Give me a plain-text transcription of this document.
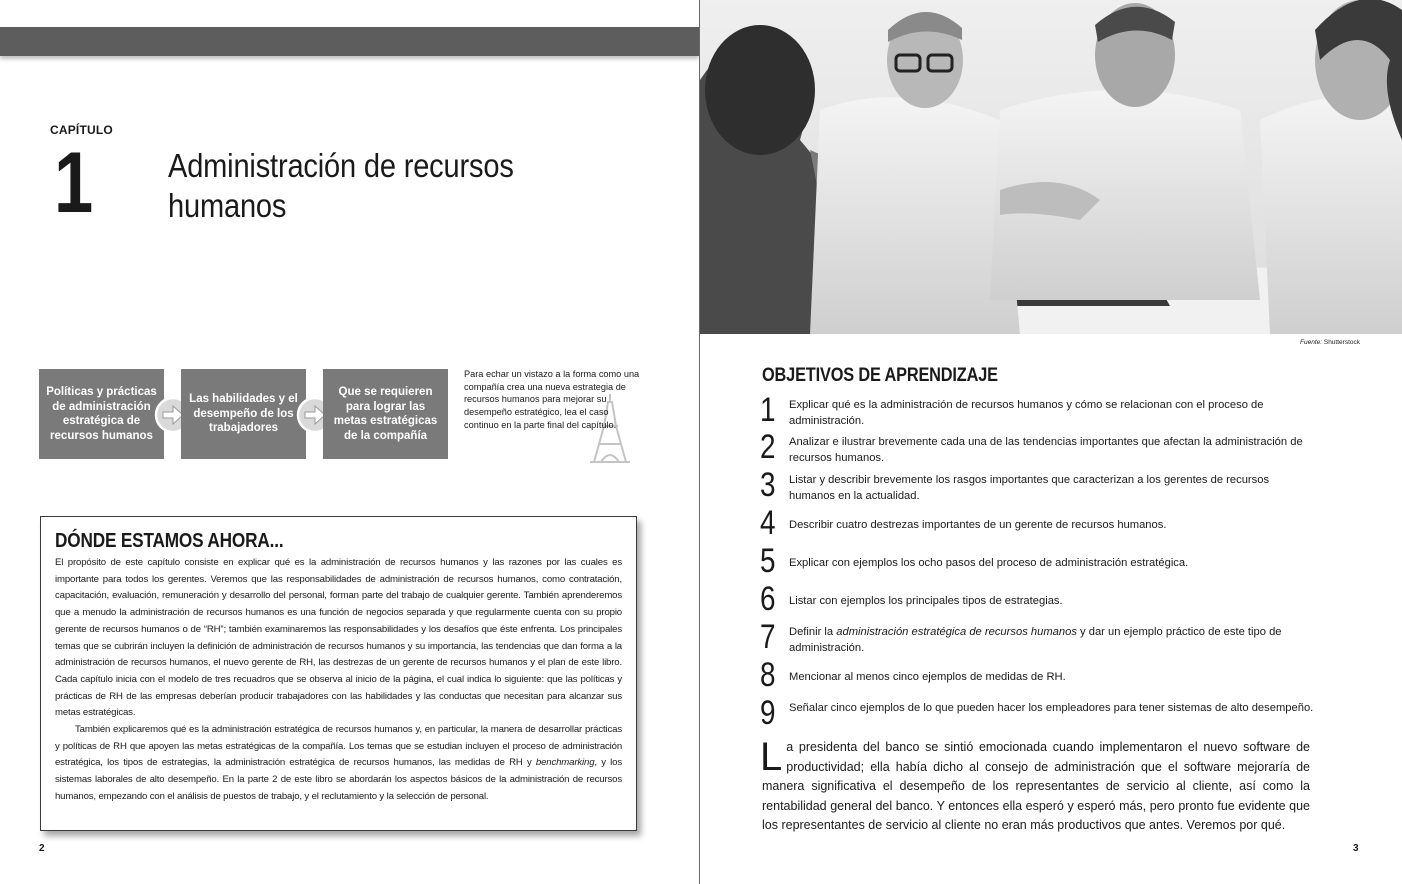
CAPÍTULO
1 Administración de recursos humanos
Políticas y prácticas de administración estratégica de recursos humanos
Las habilidades y el desempeño de los trabajadores
Que se requieren para lograr las metas estratégicas de la compañía

Para echar un vistazo a la forma como una compañía crea una nueva estrategia de recursos humanos para mejorar su desempeño estratégico, lea el caso continuo en la parte final del capítulo.

DÓNDE ESTAMOS AHORA...

El propósito de este capítulo consiste en explicar qué es la administración de recursos humanos y las razones por las cuales es importante para todos los gerentes. Veremos que las responsabilidades de administración de recursos humanos, como contratación, capacitación, evaluación, remuneración y desarrollo del personal, forman parte del trabajo de cualquier gerente. También aprenderemos que a menudo la administración de recursos humanos es una función de negocios separada y que regularmente cuenta con su propio gerente de recursos humanos o de “RH”; también examinaremos las responsabilidades y los desafíos que éste enfrenta. Los principales temas que se cubrirán incluyen la definición de administración de recursos humanos y su importancia, las tendencias que dan forma a la administración de recursos humanos, el nuevo gerente de RH, las destrezas de un gerente de recursos humanos y el plan de este libro. Cada capítulo inicia con el modelo de tres recuadros que se observa al inicio de la página, el cual indica lo siguiente: que las políticas y prácticas de RH de las empresas deberían producir trabajadores con las habilidades y las conductas que necesitan para alcanzar sus metas estratégicas.

También explicaremos qué es la administración estratégica de recursos humanos y, en particular, la manera de desarrollar prácticas y políticas de RH que apoyen las metas estratégicas de la compañía. Los temas que se estudian incluyen el proceso de administración estratégica, los tipos de estrategias, la administración estratégica de recursos humanos, las medidas de RH y benchmarking, y los sistemas laborales de alto desempeño. En la parte 2 de este libro se abordarán los aspectos básicos de la administración de recursos humanos, empezando con el análisis de puestos de trabajo, y el reclutamiento y la selección de personal.

2
Fuente: Shutterstock
OBJETIVOS DE APRENDIZAJE
1 Explicar qué es la administración de recursos humanos y cómo se relacionan con el proceso de administración.
2 Analizar e ilustrar brevemente cada una de las tendencias importantes que afectan la administración de recursos humanos.
3 Listar y describir brevemente los rasgos importantes que caracterizan a los gerentes de recursos humanos en la actualidad.
4 Describir cuatro destrezas importantes de un gerente de recursos humanos.
5 Explicar con ejemplos los ocho pasos del proceso de administración estratégica.
6 Listar con ejemplos los principales tipos de estrategias.
7 Definir la administración estratégica de recursos humanos y dar un ejemplo práctico de este tipo de administración.
8 Mencionar al menos cinco ejemplos de medidas de RH.
9 Señalar cinco ejemplos de lo que pueden hacer los empleadores para tener sistemas de alto desempeño.

La presidenta del banco se sintió emocionada cuando implementaron el nuevo software de productividad; ella había dicho al consejo de administración que el software mejoraría de manera significativa el desempeño de los representantes de servicio al cliente, así como la rentabilidad general del banco. Y entonces ella esperó y esperó más, pero pronto fue evidente que los representantes de servicio al cliente no eran más productivos que antes. Veremos por qué.

3
